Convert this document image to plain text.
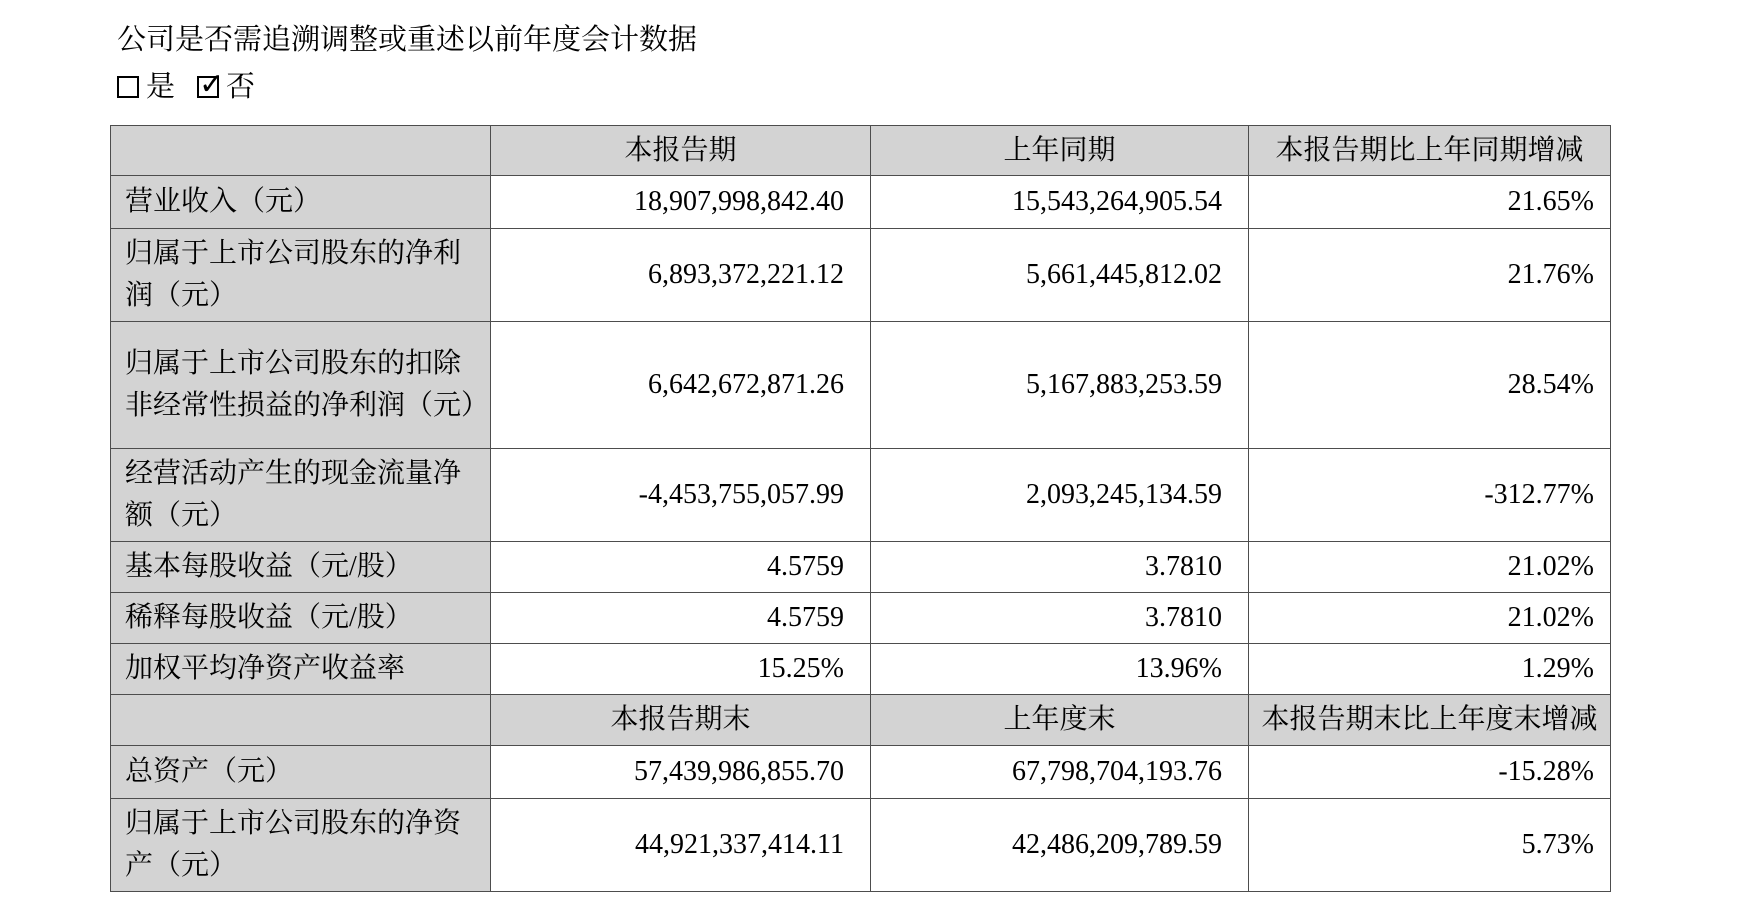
公司是否需追溯调整或重述以前年度会计数据
是 ✓ 否
	本报告期	上年同期	本报告期比上年同期增减
营业收入（元）	18,907,998,842.40	15,543,264,905.54	21.65%
归属于上市公司股东的净利润（元）	6,893,372,221.12	5,661,445,812.02	21.76%
归属于上市公司股东的扣除非经常性损益的净利润（元）	6,642,672,871.26	5,167,883,253.59	28.54%
经营活动产生的现金流量净额（元）	-4,453,755,057.99	2,093,245,134.59	-312.77%
基本每股收益（元/股）	4.5759	3.7810	21.02%
稀释每股收益（元/股）	4.5759	3.7810	21.02%
加权平均净资产收益率	15.25%	13.96%	1.29%
	本报告期末	上年度末	本报告期末比上年度末增减
总资产（元）	57,439,986,855.70	67,798,704,193.76	-15.28%
归属于上市公司股东的净资产（元）	44,921,337,414.11	42,486,209,789.59	5.73%
